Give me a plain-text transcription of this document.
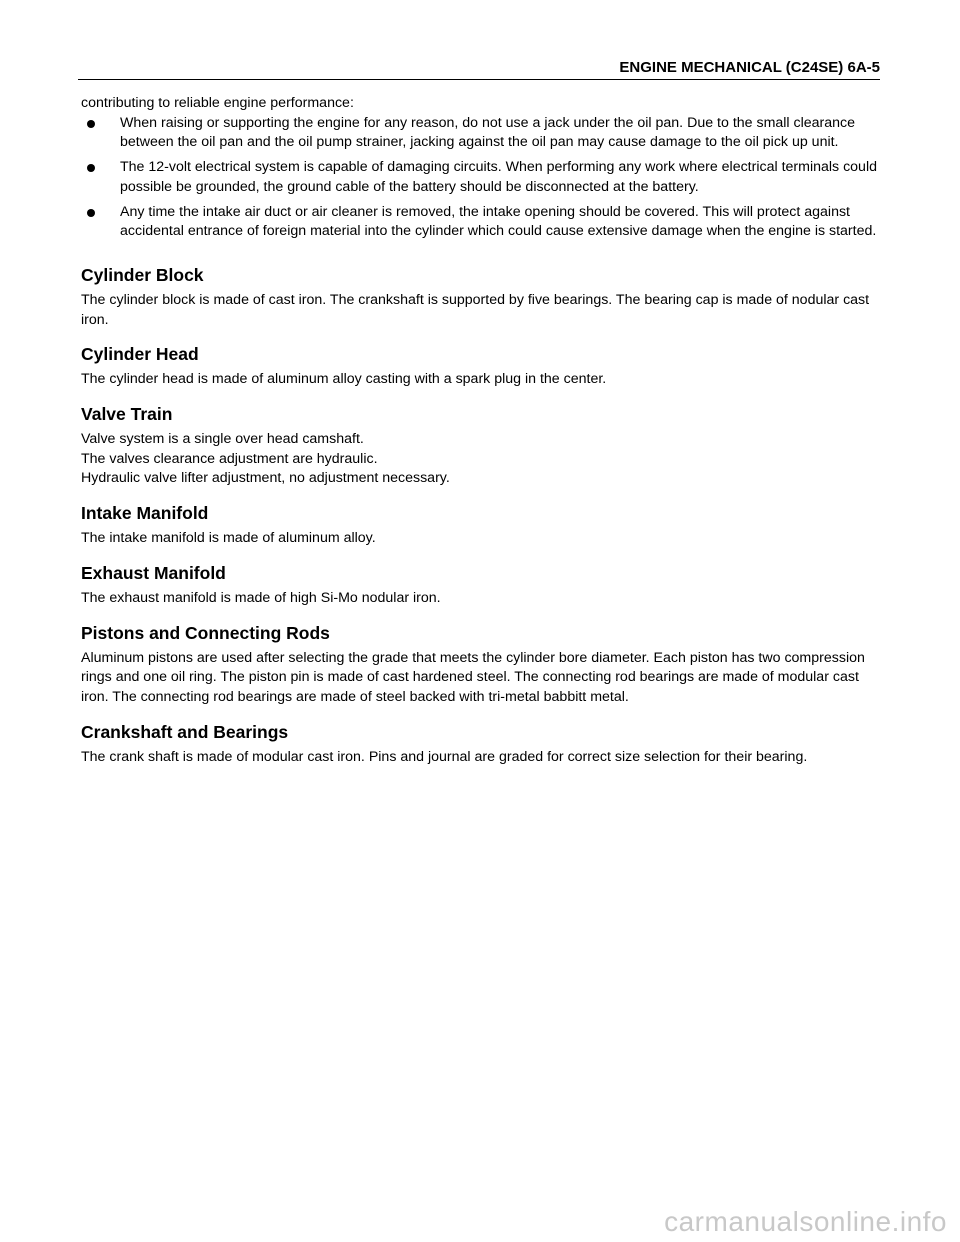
ENGINE MECHANICAL (C24SE) 6A-5

contributing to reliable engine performance:

When raising or supporting the engine for any reason, do not use a jack under the oil pan. Due to the small clearance between the oil pan and the oil pump strainer, jacking against the oil pan may cause damage to the oil pick up unit.
The 12-volt electrical system is capable of damaging circuits. When performing any work where electrical terminals could possible be grounded, the ground cable of the battery should be disconnected at the battery.
Any time the intake air duct or air cleaner is removed, the intake opening should be covered. This will protect against accidental entrance of foreign material into the cylinder which could cause extensive damage when the engine is started.
Cylinder Block

The cylinder block is made of cast iron. The crankshaft is supported by five bearings. The bearing cap is made of nodular cast iron.

Cylinder Head

The cylinder head is made of aluminum alloy casting with a spark plug in the center.

Valve Train

Valve system is a single over head camshaft.

The valves clearance adjustment are hydraulic.

Hydraulic valve lifter adjustment, no adjustment necessary.

Intake Manifold

The intake manifold is made of aluminum alloy.

Exhaust Manifold

The exhaust manifold is made of high Si-Mo nodular iron.

Pistons and Connecting Rods

Aluminum pistons are used after selecting the grade that meets the cylinder bore diameter. Each piston has two compression rings and one oil ring. The piston pin is made of cast hardened steel. The connecting rod bearings are made of modular cast iron. The connecting rod bearings are made of steel backed with tri-metal babbitt metal.

Crankshaft and Bearings

The crank shaft is made of modular cast iron. Pins and journal are graded for correct size selection for their bearing.

carmanualsonline.info
